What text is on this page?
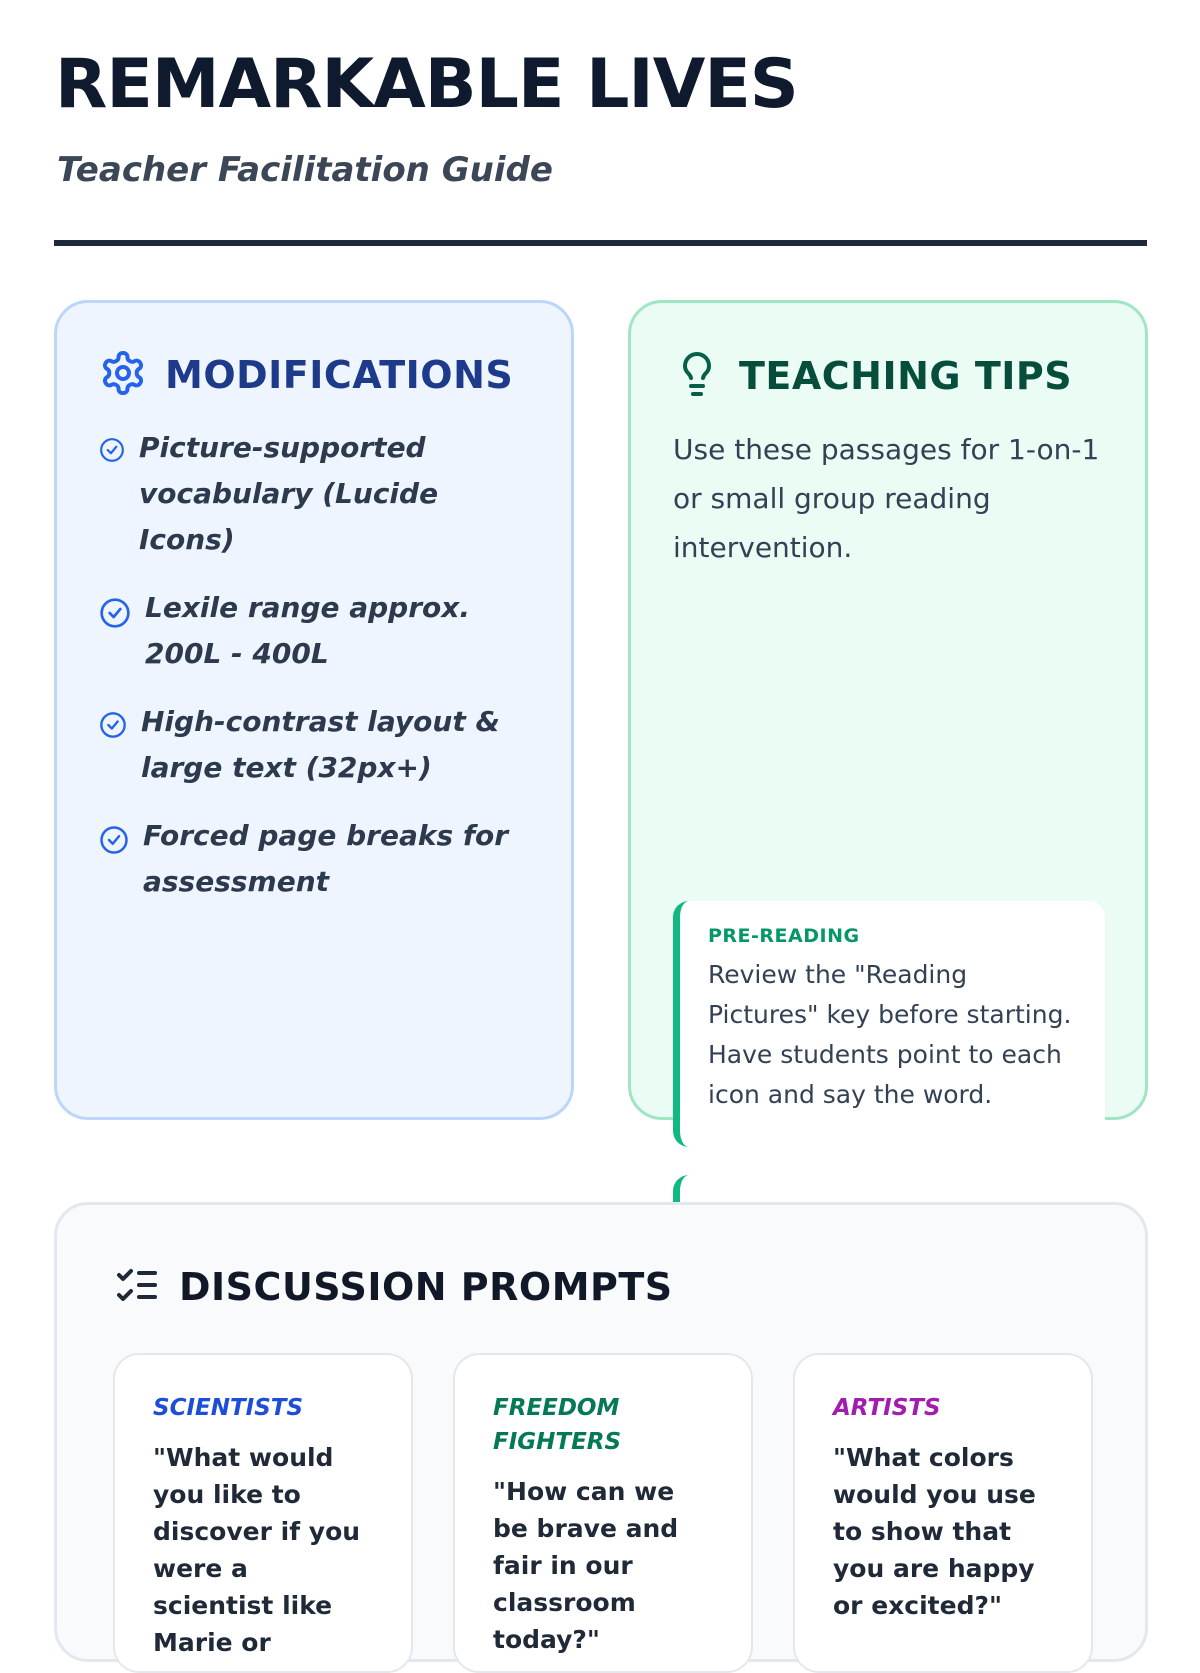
REMARKABLE LIVES

Teacher Facilitation Guide

MODIFICATIONS
Picture-supported vocabulary (Lucide Icons)
Lexile range approx. 200L - 400L
High-contrast layout & large text (32px+)
Forced page breaks for assessment
TEACHING TIPS

Use these passages for 1-on-1 or small group reading intervention.

PRE-READING

Review the "Reading Pictures" key before starting. Have students point to each icon and say the word.

DISCUSSION PROMPTS

SCIENTISTS

"What would you like to discover if you were a scientist like Marie or

FREEDOM FIGHTERS

"How can we be brave and fair in our classroom today?"

ARTISTS

"What colors would you use to show that you are happy or excited?"
